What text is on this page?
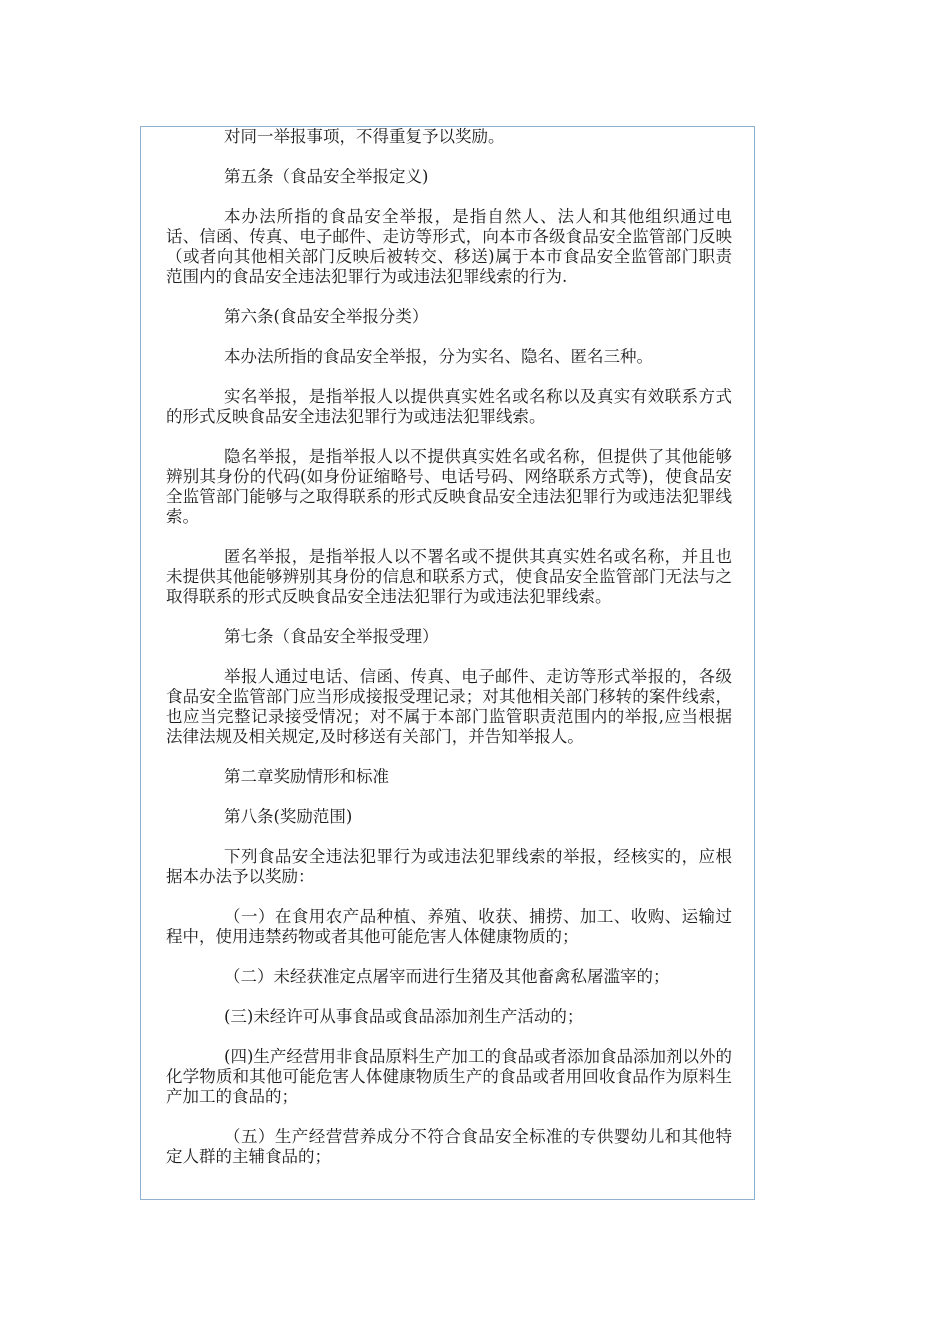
对同一举报事项，不得重复予以奖励。

第五条（食品安全举报定义)

本办法所指的食品安全举报，是指自然人、法人和其他组织通过电话、信函、传真、电子邮件、走访等形式，向本市各级食品安全监管部门反映（或者向其他相关部门反映后被转交、移送)属于本市食品安全监管部门职责范围内的食品安全违法犯罪行为或违法犯罪线索的行为.

第六条(食品安全举报分类）

本办法所指的食品安全举报，分为实名、隐名、匿名三种。

实名举报，是指举报人以提供真实姓名或名称以及真实有效联系方式的形式反映食品安全违法犯罪行为或违法犯罪线索。

隐名举报，是指举报人以不提供真实姓名或名称，但提供了其他能够辨别其身份的代码(如身份证缩略号、电话号码、网络联系方式等)，使食品安全监管部门能够与之取得联系的形式反映食品安全违法犯罪行为或违法犯罪线索。

匿名举报，是指举报人以不署名或不提供其真实姓名或名称，并且也未提供其他能够辨别其身份的信息和联系方式，使食品安全监管部门无法与之取得联系的形式反映食品安全违法犯罪行为或违法犯罪线索。

第七条（食品安全举报受理）

举报人通过电话、信函、传真、电子邮件、走访等形式举报的，各级食品安全监管部门应当形成接报受理记录；对其他相关部门移转的案件线索，也应当完整记录接受情况；对不属于本部门监管职责范围内的举报,应当根据法律法规及相关规定,及时移送有关部门，并告知举报人。

第二章奖励情形和标准

第八条(奖励范围)

下列食品安全违法犯罪行为或违法犯罪线索的举报，经核实的，应根据本办法予以奖励：

（一）在食用农产品种植、养殖、收获、捕捞、加工、收购、运输过程中，使用违禁药物或者其他可能危害人体健康物质的；

（二）未经获准定点屠宰而进行生猪及其他畜禽私屠滥宰的；

(三)未经许可从事食品或食品添加剂生产活动的；

(四)生产经营用非食品原料生产加工的食品或者添加食品添加剂以外的化学物质和其他可能危害人体健康物质生产的食品或者用回收食品作为原料生产加工的食品的；

（五）生产经营营养成分不符合食品安全标准的专供婴幼儿和其他特定人群的主辅食品的；
